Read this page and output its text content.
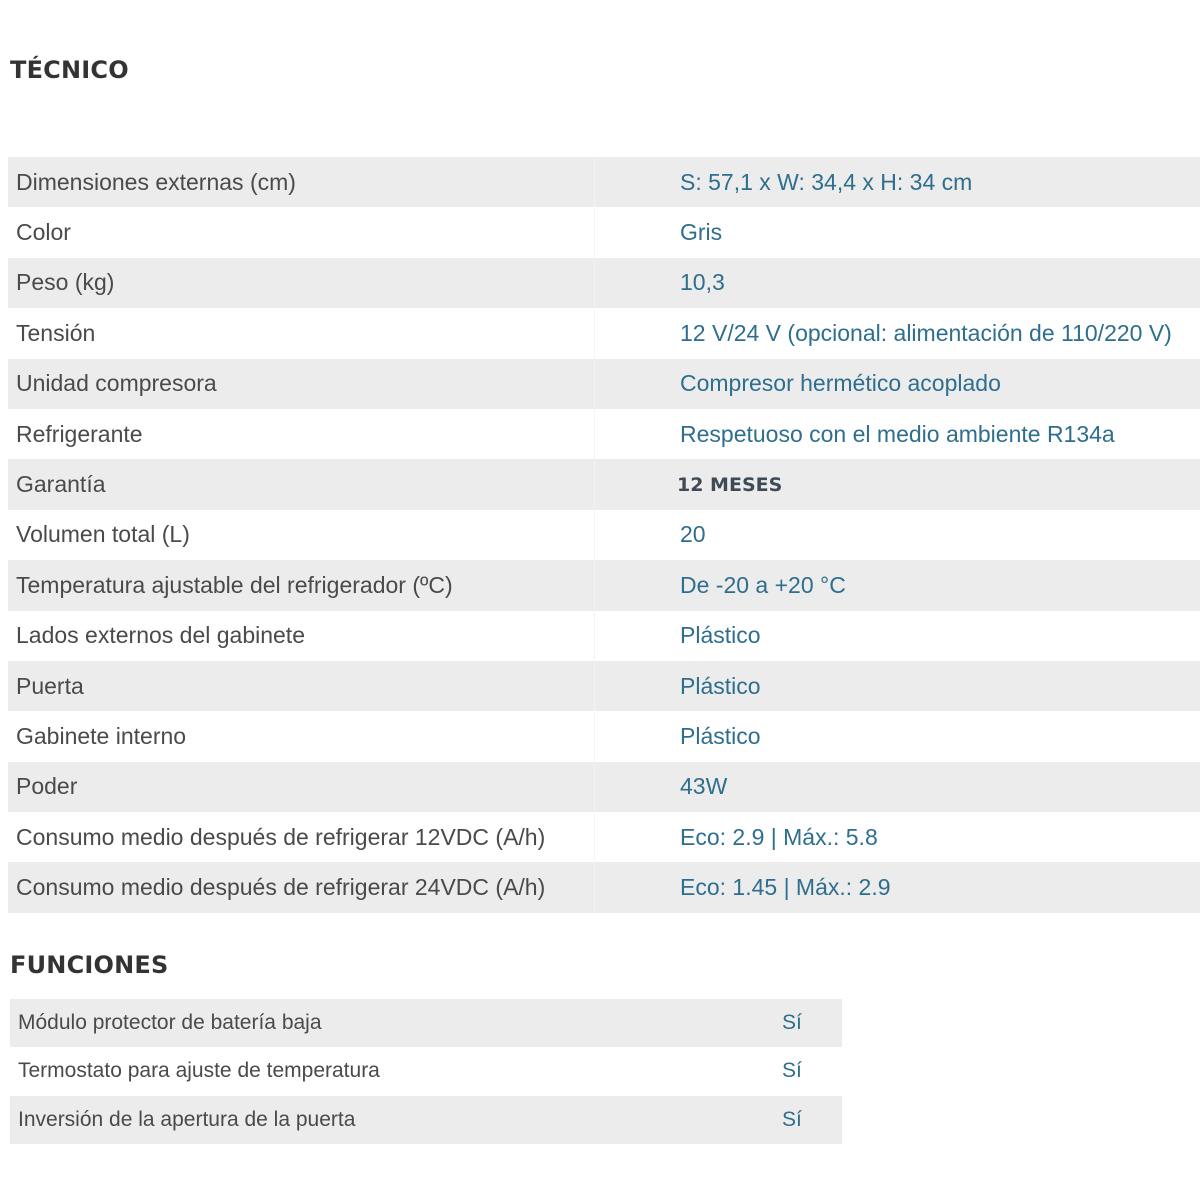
TÉCNICO
Dimensiones externas (cm)	S: 57,1 x W: 34,4 x H: 34 cm
Color	Gris
Peso (kg)	10,3
Tensión	12 V/24 V (opcional: alimentación de 110/220 V)
Unidad compresora	Compresor hermético acoplado
Refrigerante	Respetuoso con el medio ambiente R134a
Garantía	12 MESES
Volumen total (L)	20
Temperatura ajustable del refrigerador (ºC)	De -20 a +20 °C
Lados externos del gabinete	Plástico
Puerta	Plástico
Gabinete interno	Plástico
Poder	43W
Consumo medio después de refrigerar 12VDC (A/h)	Eco: 2.9 | Máx.: 5.8
Consumo medio después de refrigerar 24VDC (A/h)	Eco: 1.45 | Máx.: 2.9
FUNCIONES
Módulo protector de batería baja	Sí
Termostato para ajuste de temperatura	Sí
Inversión de la apertura de la puerta	Sí
